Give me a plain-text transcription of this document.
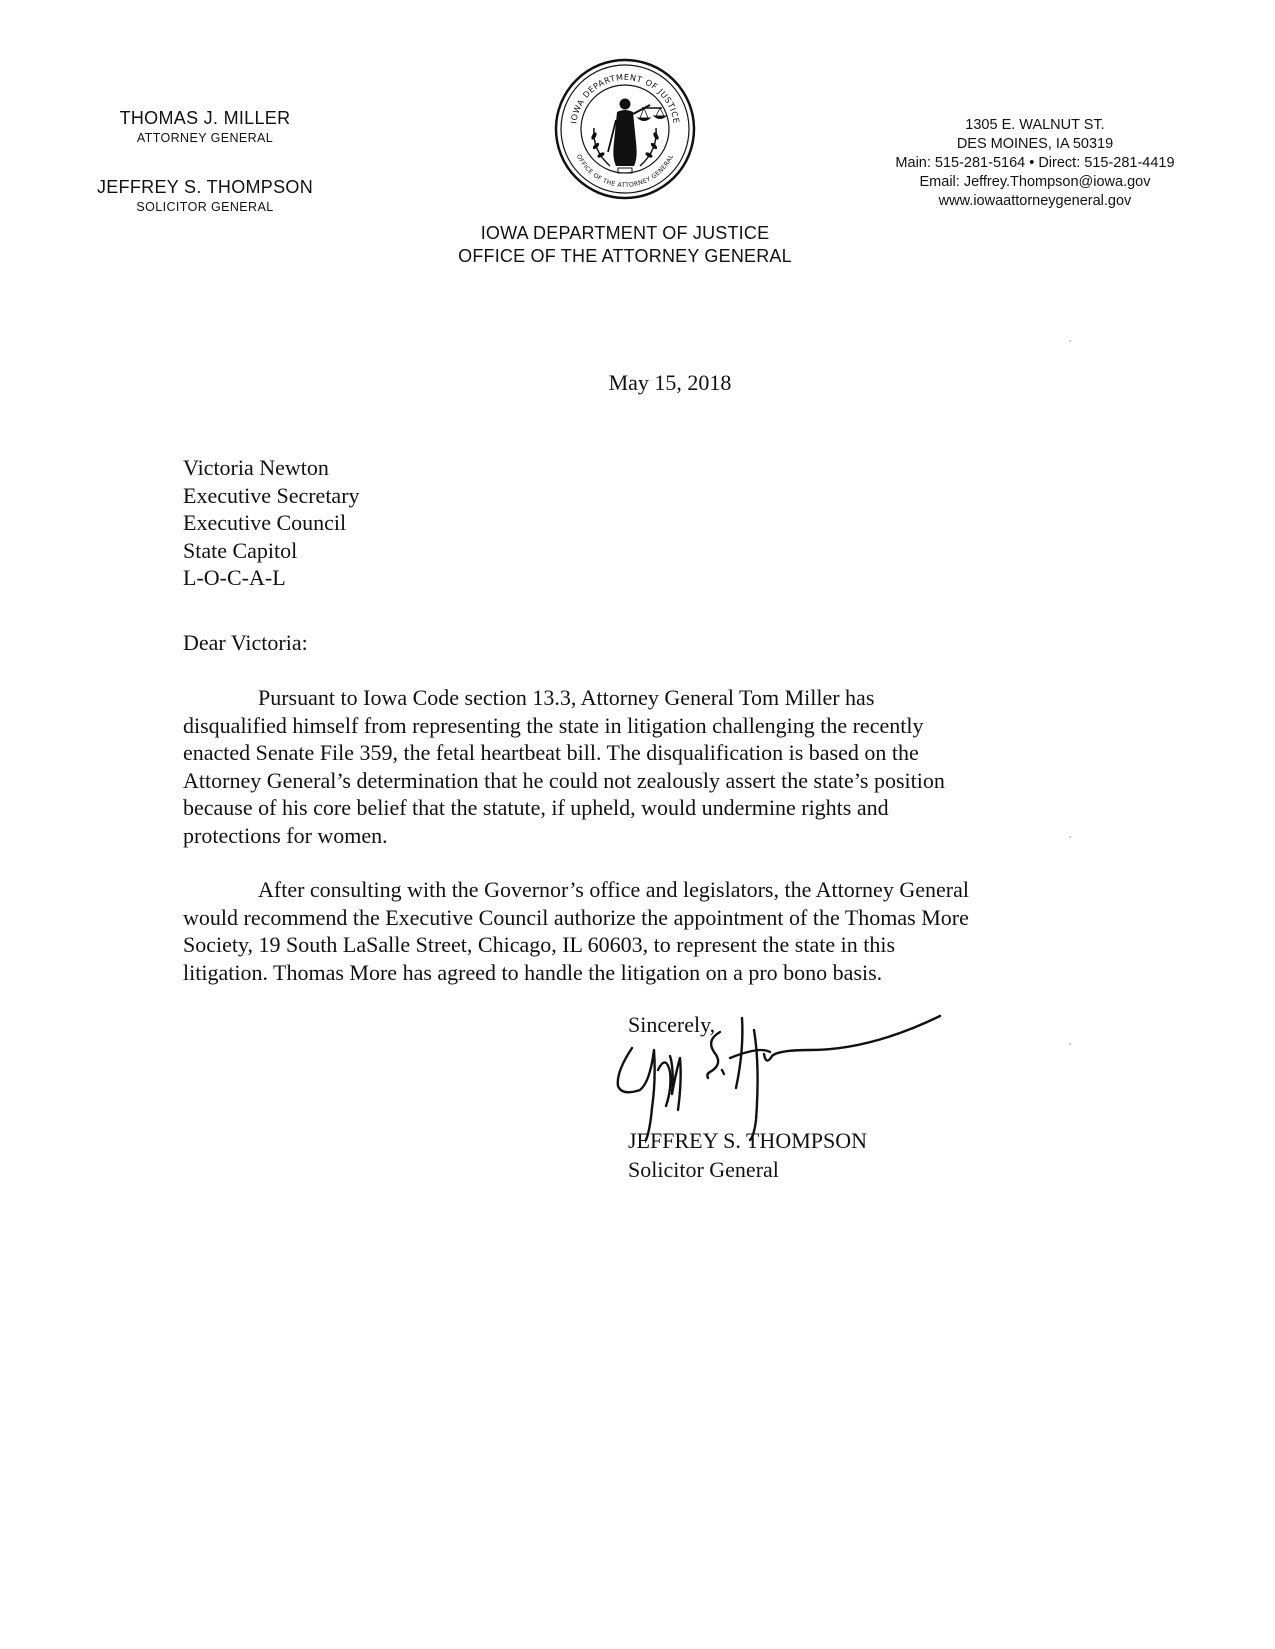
THOMAS J. MILLER
ATTORNEY GENERAL
JEFFREY S. THOMPSON
SOLICITOR GENERAL
IOWA DEPARTMENT OF JUSTICE
OFFICE OF THE ATTORNEY GENERAL
1305 E. WALNUT ST.
DES MOINES, IA 50319
Main: 515-281-5164 • Direct: 515-281-4419
Email: Jeffrey.Thompson@iowa.gov
www.iowaattorneygeneral.gov
IOWA DEPARTMENT OF JUSTICE
OFFICE OF THE ATTORNEY GENERAL
May 15, 2018
Victoria Newton
Executive Secretary
Executive Council
State Capitol
L-O-C-A-L
Dear Victoria:
Pursuant to Iowa Code section 13.3, Attorney General Tom Miller has
disqualified himself from representing the state in litigation challenging the recently
enacted Senate File 359, the fetal heartbeat bill. The disqualification is based on the
Attorney General’s determination that he could not zealously assert the state’s position
because of his core belief that the statute, if upheld, would undermine rights and
protections for women.
After consulting with the Governor’s office and legislators, the Attorney General
would recommend the Executive Council authorize the appointment of the Thomas More
Society, 19 South LaSalle Street, Chicago, IL 60603, to represent the state in this
litigation. Thomas More has agreed to handle the litigation on a pro bono basis.
Sincerely,
JEFFREY S. THOMPSON
Solicitor General
